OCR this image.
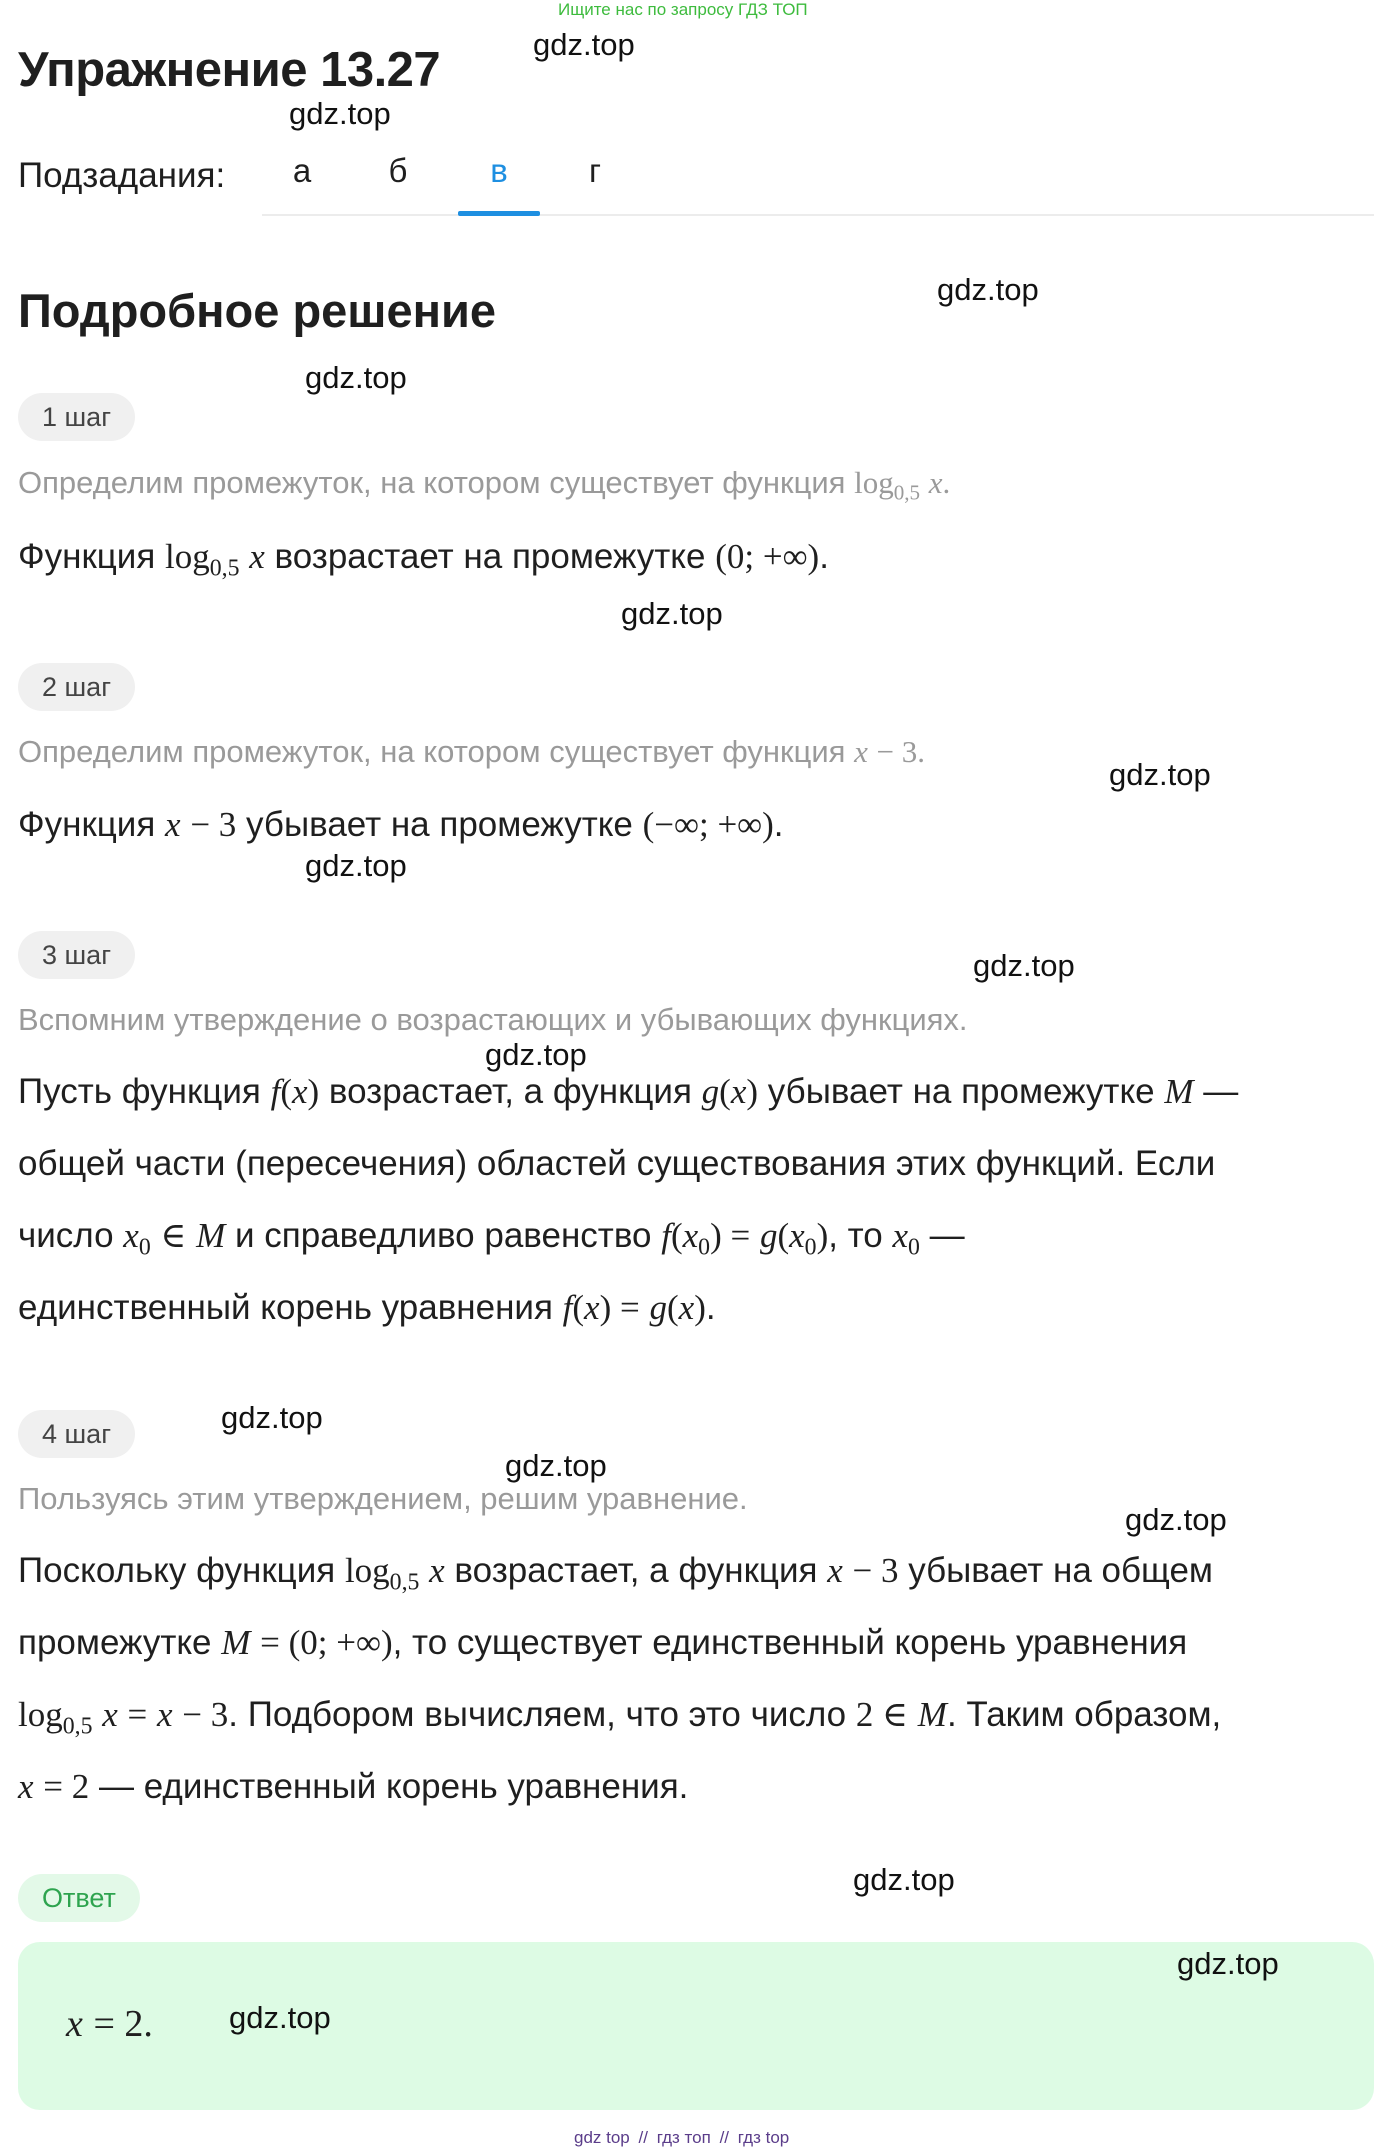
Ищите нас по запросу ГДЗ ТОП
Упражнение 13.27
Подзадания:	а	б	в	г
Подробное решение
1 шаг
Определим промежуток, на котором существует функция $\log_{0,5} x$.
Функция $\log_{0,5} x$ возрастает на промежутке (0; +∞).
2 шаг
Определим промежуток, на котором существует функция x − 3.
Функция x − 3 убывает на промежутке (−∞; +∞).
3 шаг
Вспомним утверждение о возрастающих и убывающих функциях.
Пусть функция f(x) возрастает, а функция g(x) убывает на промежутке M —
общей части (пересечения) областей существования этих функций. Если
число $x_0$ ∈ M и справедливо равенство $f(x_0) = g(x_0)$, то $x_0$ —
единственный корень уравнения f(x) = g(x).
4 шаг
Пользуясь этим утверждением, решим уравнение.
Поскольку функция $\log_{0,5} x$ возрастает, а функция x − 3 убывает на общем
промежутке M = (0; +∞), то существует единственный корень уравнения
$\log_{0,5} x = x - 3$. Подбором вычисляем, что это число 2 ∈ M. Таким образом,
x = 2 — единственный корень уравнения.
Ответ
x = 2.
gdz.top
gdz.top
gdz.top
gdz.top
gdz.top
gdz.top
gdz.top
gdz.top
gdz.top
gdz.top
gdz.top
gdz.top
gdz.top
gdz.top
gdz.top
gdz top // гдз топ // гдз top
